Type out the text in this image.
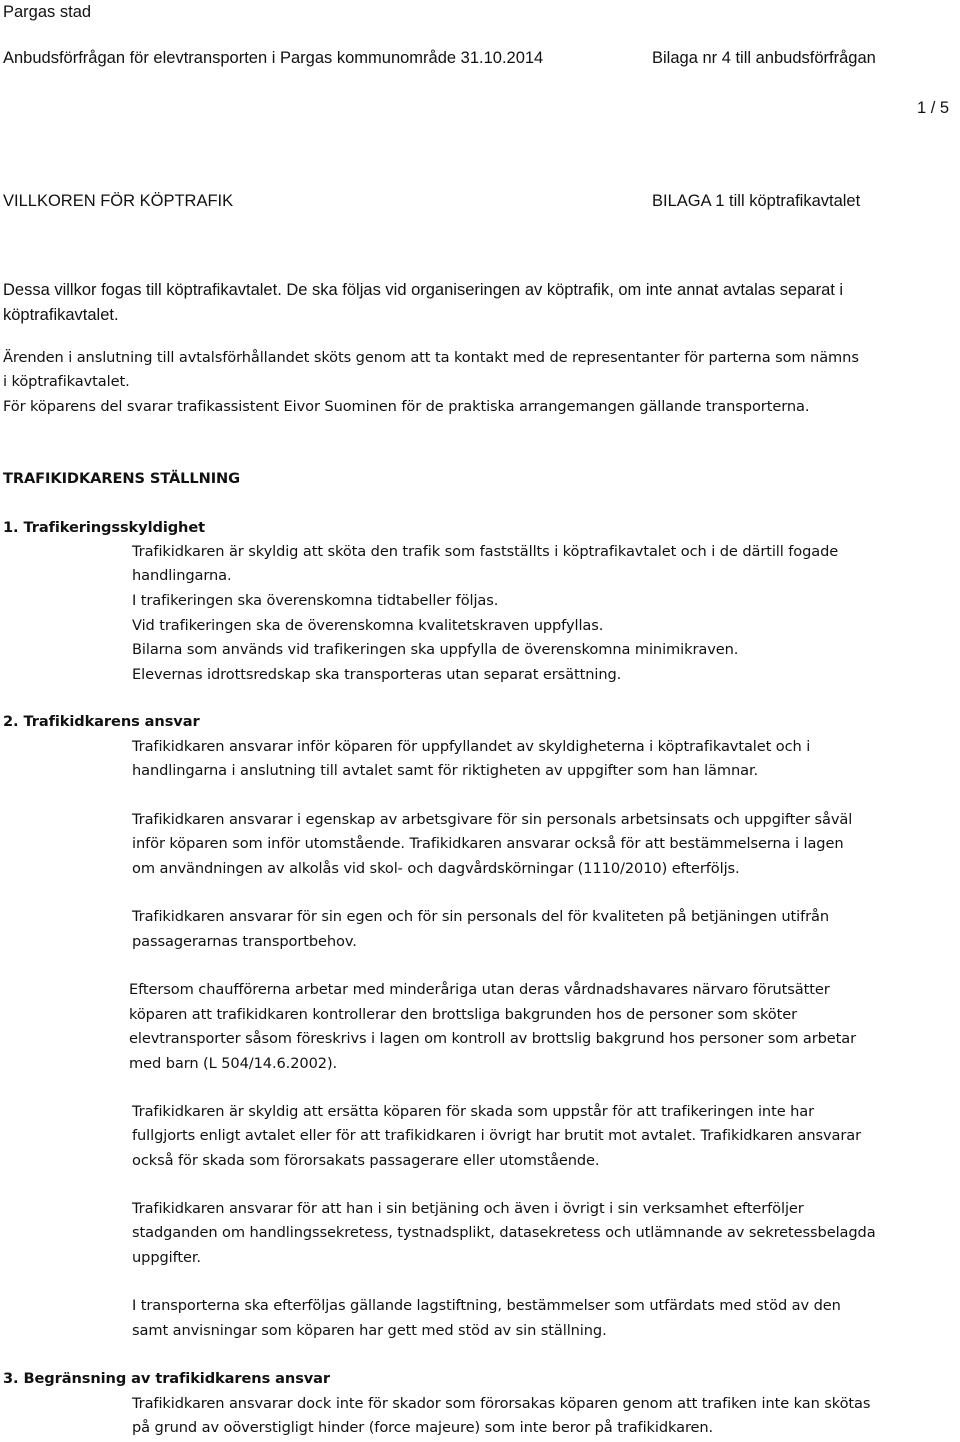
Pargas stad
Anbudsförfrågan för elevtransporten i Pargas kommunområde 31.10.2014	Bilaga nr 4 till anbudsförfrågan
1 / 5
VILLKOREN FÖR KÖPTRAFIK	BILAGA 1 till köptrafikavtalet
Dessa villkor fogas till köptrafikavtalet. De ska följas vid organiseringen av köptrafik, om inte annat avtalas separat i
köptrafikavtalet.
Ärenden i anslutning till avtalsförhållandet sköts genom att ta kontakt med de representanter för parterna som nämns
i köptrafikavtalet.
För köparens del svarar trafikassistent Eivor Suominen för de praktiska arrangemangen gällande transporterna.
TRAFIKIDKARENS STÄLLNING
1. Trafikeringsskyldighet
Trafikidkaren är skyldig att sköta den trafik som fastställts i köptrafikavtalet och i de därtill fogade
handlingarna.
I trafikeringen ska överenskomna tidtabeller följas.
Vid trafikeringen ska de överenskomna kvalitetskraven uppfyllas.
Bilarna som används vid trafikeringen ska uppfylla de överenskomna minimikraven.
Elevernas idrottsredskap ska transporteras utan separat ersättning.
2. Trafikidkarens ansvar
Trafikidkaren ansvarar inför köparen för uppfyllandet av skyldigheterna i köptrafikavtalet och i
handlingarna i anslutning till avtalet samt för riktigheten av uppgifter som han lämnar.
Trafikidkaren ansvarar i egenskap av arbetsgivare för sin personals arbetsinsats och uppgifter såväl
inför köparen som inför utomstående. Trafikidkaren ansvarar också för att bestämmelserna i lagen
om användningen av alkolås vid skol- och dagvårdskörningar (1110/2010) efterföljs.
Trafikidkaren ansvarar för sin egen och för sin personals del för kvaliteten på betjäningen utifrån
passagerarnas transportbehov.
Eftersom chaufförerna arbetar med minderåriga utan deras vårdnadshavares närvaro förutsätter
köparen att trafikidkaren kontrollerar den brottsliga bakgrunden hos de personer som sköter
elevtransporter såsom föreskrivs i lagen om kontroll av brottslig bakgrund hos personer som arbetar
med barn (L 504/14.6.2002).
Trafikidkaren är skyldig att ersätta köparen för skada som uppstår för att trafikeringen inte har
fullgjorts enligt avtalet eller för att trafikidkaren i övrigt har brutit mot avtalet. Trafikidkaren ansvarar
också för skada som förorsakats passagerare eller utomstående.
Trafikidkaren ansvarar för att han i sin betjäning och även i övrigt i sin verksamhet efterföljer
stadganden om handlingssekretess, tystnadsplikt, datasekretess och utlämnande av sekretessbelagda
uppgifter.
I transporterna ska efterföljas gällande lagstiftning, bestämmelser som utfärdats med stöd av den
samt anvisningar som köparen har gett med stöd av sin ställning.
3. Begränsning av trafikidkarens ansvar
Trafikidkaren ansvarar dock inte för skador som förorsakas köparen genom att trafiken inte kan skötas
på grund av oöverstigligt hinder (force majeure) som inte beror på trafikidkaren.
